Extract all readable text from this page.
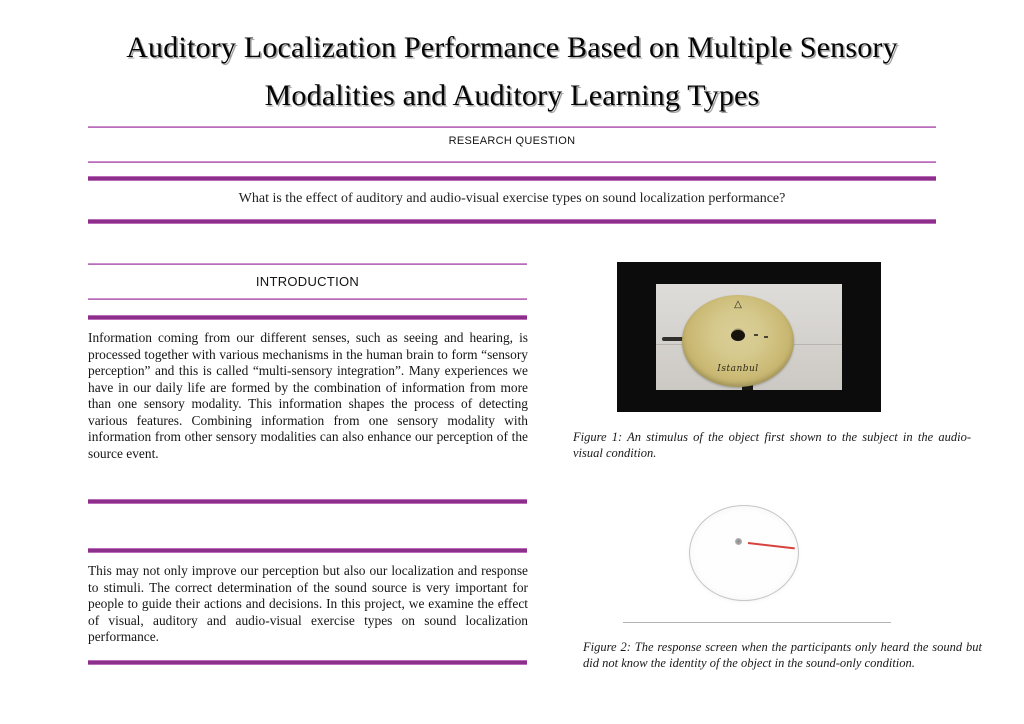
Auditory Localization Performance Based on Multiple Sensory
Modalities and Auditory Learning Types
RESEARCH QUESTION
What is the effect of auditory and audio-visual exercise types on sound localization performance?
INTRODUCTION
Information coming from our different senses, such as seeing and hearing, is processed together with various mechanisms in the human brain to form “sensory perception” and this is called “multi-sensory integration”. Many experiences we have in our daily life are formed by the combination of information from more than one sensory modality. This information shapes the process of detecting various features. Combining information from one sensory modality with information from other sensory modalities can also enhance our perception of the source event.
This may not only improve our perception but also our localization and response to stimuli. The correct determination of the sound source is very important for people to guide their actions and decisions. In this project, we examine the effect of visual, auditory and audio-visual exercise types on sound localization performance.
△
Istanbul
Figure 1: An stimulus of the object first shown to the subject in the audio-visual condition.
Figure 2: The response screen when the participants only heard the sound but did not know the identity of the object in the sound-only condition.
